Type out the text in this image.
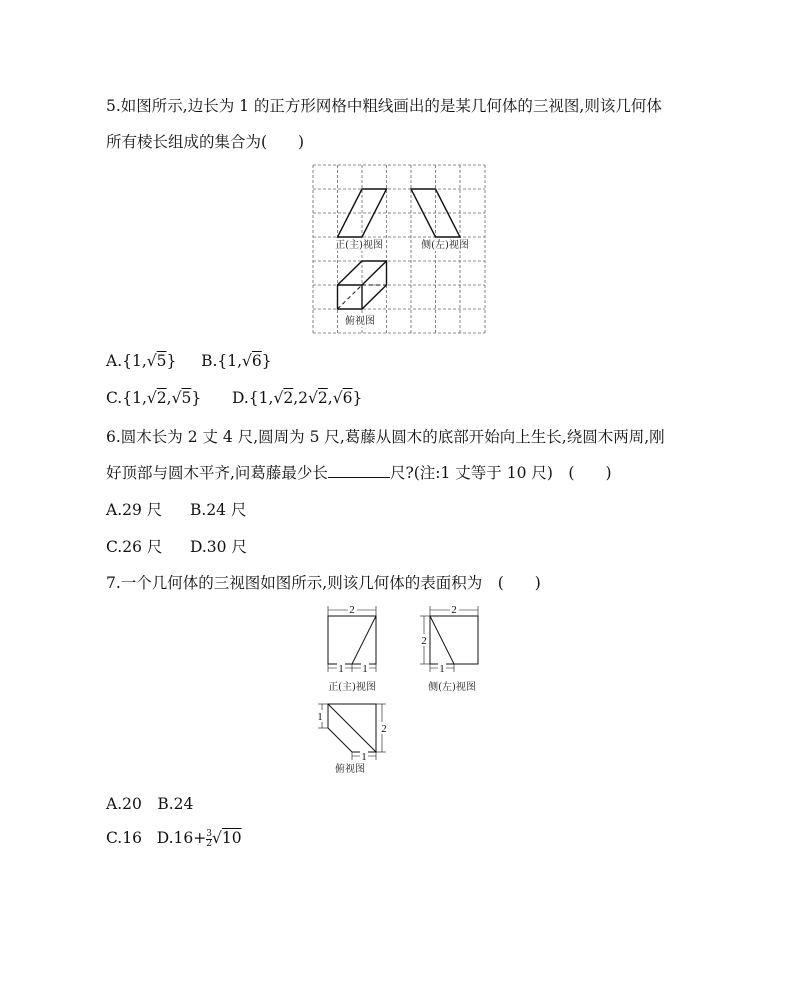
5.如图所示,边长为 1 的正方形网格中粗线画出的是某几何体的三视图,则该几何体
所有棱长组成的集合为(　　)
正(主)视图	侧(左)视图
俯视图
A.{1,√5} B.{1,√6}
C.{1,√2,√5} D.{1,√2,2√2,√6}
6.圆木长为 2 丈 4 尺,圆周为 5 尺,葛藤从圆木的底部开始向上生长,绕圆木两周,刚
好顶部与圆木平齐,问葛藤最少长	尺?(注:1 丈等于 10 尺)　(　　)
A.29 尺 B.24 尺
C.26 尺 D.30 尺
7.一个几何体的三视图如图所示,则该几何体的表面积为　(　　)
2
1 1
正(主)视图
2
2
1
侧(左)视图
1
2
1
俯视图
A.20　B.24
C.16 $D.16+ \frac{3}{2} √10$
